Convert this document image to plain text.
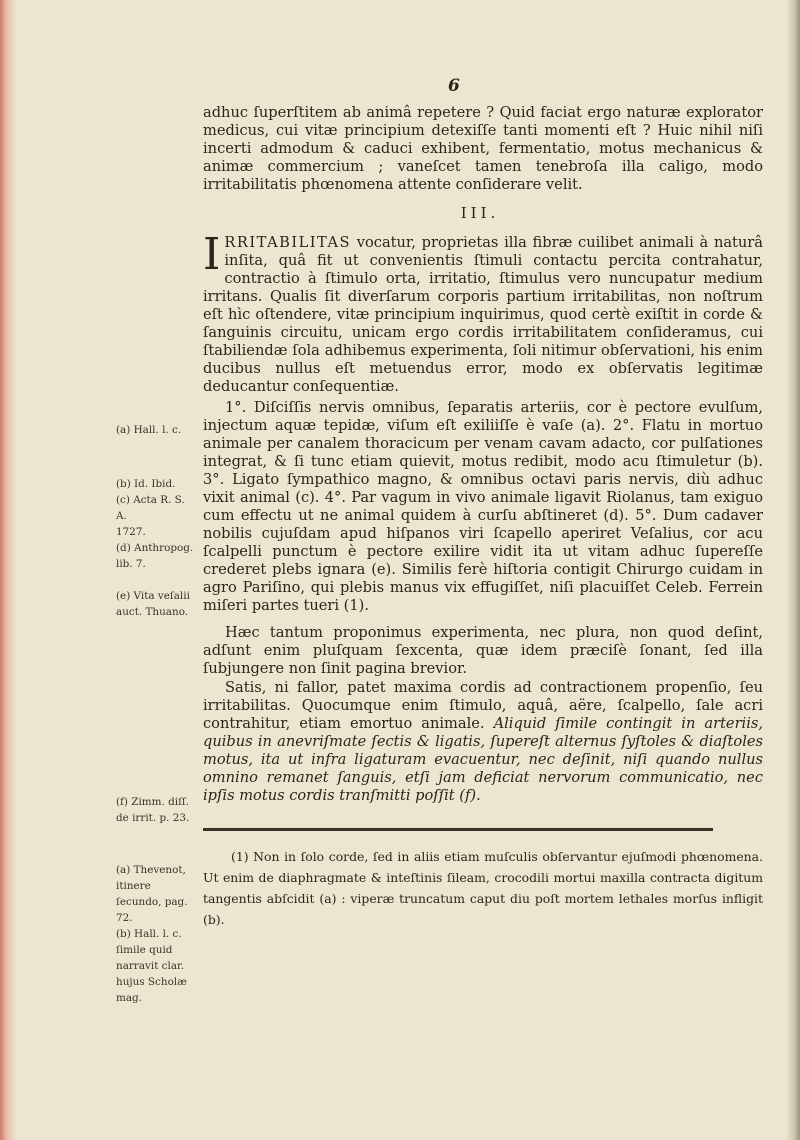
6
adhuc ſuperſtitem ab animâ repetere ? Quid faciat ergo naturæ explorator medicus, cui vitæ principium detexiſſe tanti momenti eſt ? Huic nihil niſi incerti admodum & caduci exhibent, fermentatio, motus mechanicus & animæ commercium ; vaneſcet tamen tenebroſa illa caligo, modo irritabilitatis phœnomena attente conſiderare velit.
III.
IRRITABILITAS vocatur, proprietas illa fibræ cuilibet animali à naturâ inſita, quâ fit ut convenientis ſtimuli contactu percita contrahatur, contractio à ſtimulo orta, irritatio, ſtimulus vero nuncupatur medium irritans. Qualis ſit diverſarum corporis partium irritabilitas, non noſtrum eſt hìc oſtendere, vitæ principium inquirimus, quod certè exiſtit in corde & ſanguinis circuitu, unicam ergo cordis irritabilitatem conſideramus, cui ſtabiliendæ ſola adhibemus experimenta, ſoli nitimur obſervationi, his enim ducibus nullus eſt metuendus error, modo ex obſervatis legitimæ deducantur conſequentiæ.
1°. Diſciſſis nervis omnibus, ſeparatis arteriis, cor è pectore evulſum, injectum aquæ tepidæ, viſum eſt exiliiſſe è vaſe (a). 2°. Flatu in mortuo animale per canalem thoracicum per venam cavam adacto, cor pulſationes integrat, & ſi tunc etiam quievit, motus redibit, modo acu ſtimuletur (b). 3°. Ligato ſympathico magno, & omnibus octavi paris nervis, diù adhuc vixit animal (c). 4°. Par vagum in vivo animale ligavit Riolanus, tam exiguo cum effectu ut ne animal quidem à curſu abſtineret (d). 5°. Dum cadaver nobilis cujuſdam apud hiſpanos viri ſcapello aperiret Veſalius, cor acu ſcalpelli punctum è pectore exilire vidit ita ut vitam adhuc ſupereſſe crederet plebs ignara (e). Similis ferè hiſtoria contigit Chirurgo cuidam in agro Pariſino, qui plebis manus vix effugiſſet, niſi placuiſſet Celeb. Ferrein miſeri partes tueri (1).
Hæc tantum proponimus experimenta, nec plura, non quod deſint, adſunt enim pluſquam ſexcenta, quæ idem præciſè ſonant, ſed illa ſubjungere non ſinit pagina brevior.
Satis, ni fallor, patet maxima cordis ad contractionem propenſio, ſeu irritabilitas. Quocumque enim ſtimulo, aquâ, aëre, ſcalpello, ſale acri contrahitur, etiam emortuo animale. Aliquid ſimile contingit in arteriis, quibus in anevriſmate ſectis & ligatis, ſupereſt alternus ſyſtoles & diaſtoles motus, ita ut infra ligaturam evacuentur, nec deſinit, niſi quando nullus omnino remanet ſanguis, etſi jam deficiat nervorum communicatio, nec ipſis motus cordis tranſmitti poſſit (f).
(1) Non in ſolo corde, ſed in aliis etiam muſculis obſervantur ejuſmodi phœnomena. Ut enim de diaphragmate & inteſtinis ſileam, crocodili mortui maxilla contracta digitum tangentis abſcidit (a) : viperæ truncatum caput diu poſt mortem lethales morſus infligit (b).
(a) Hall. l. c.
(b) Id. Ibid.
(c) Acta R. S. A.
1727.
(d) Anthropog.
lib. 7.

(e) Vita veſalii
auct. Thuano.
(f) Zimm. diſſ.
de irrit. p. 23.
(a) Thevenot,
itinere ſecundo, pag. 72.
(b) Hall. l. c.
ſimile quid
narravit clar.
hujus Scholæ
mag.
